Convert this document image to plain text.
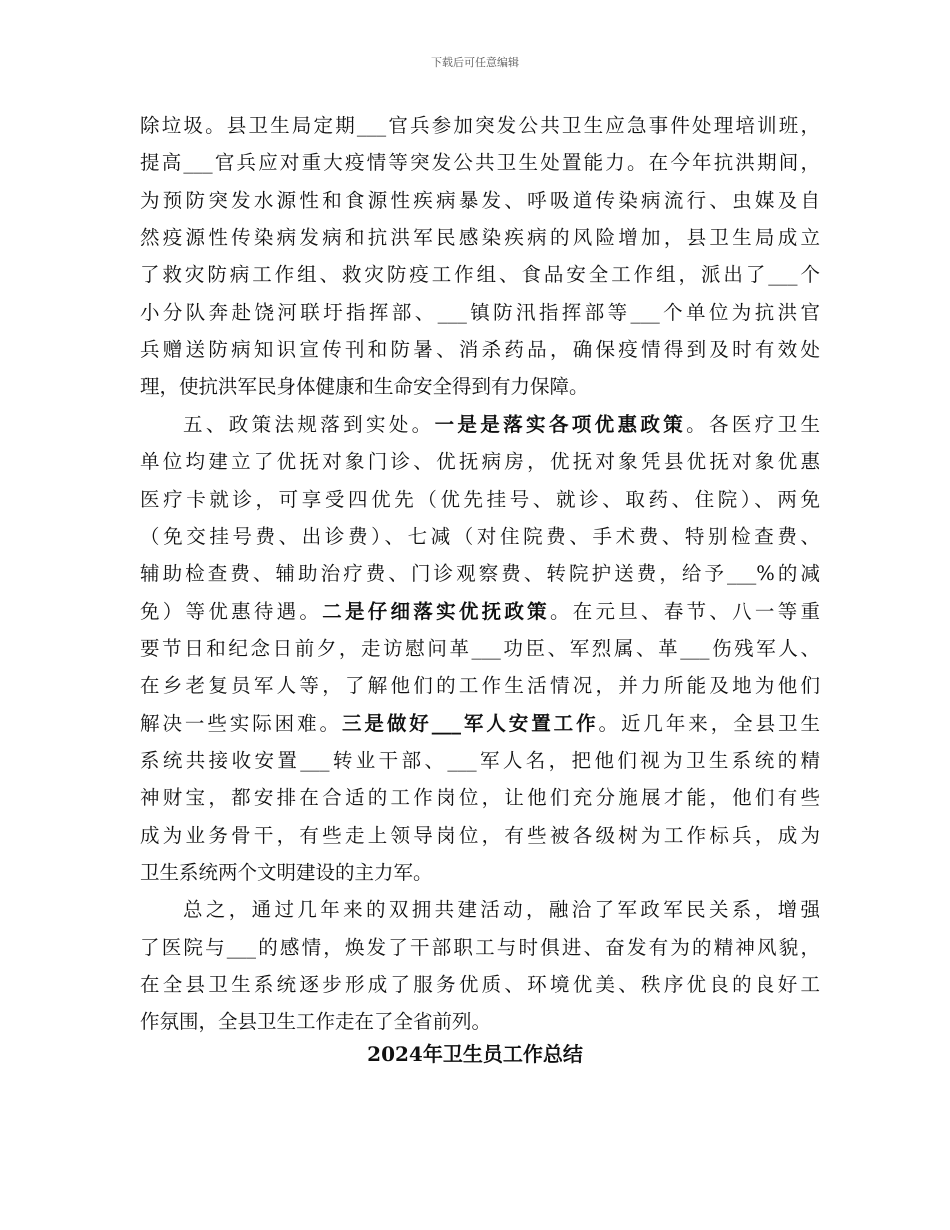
下载后可任意编辑
除垃圾。县卫生局定期___官兵参加突发公共卫生应急事件处理培训班，
提高___官兵应对重大疫情等突发公共卫生处置能力。在今年抗洪期间，
为预防突发水源性和食源性疾病暴发、呼吸道传染病流行、虫媒及自
然疫源性传染病发病和抗洪军民感染疾病的风险增加，县卫生局成立
了救灾防病工作组、救灾防疫工作组、食品安全工作组，派出了___个
小分队奔赴饶河联圩指挥部、___镇防汛指挥部等___个单位为抗洪官
兵赠送防病知识宣传刊和防暑、消杀药品，确保疫情得到及时有效处
理，使抗洪军民身体健康和生命安全得到有力保障。
五、政策法规落到实处。一是是落实各项优惠政策。各医疗卫生
单位均建立了优抚对象门诊、优抚病房，优抚对象凭县优抚对象优惠
医疗卡就诊，可享受四优先（优先挂号、就诊、取药、住院）、两免
（免交挂号费、出诊费）、七减（对住院费、手术费、特别检查费、
辅助检查费、辅助治疗费、门诊观察费、转院护送费，给予___%的减
免）等优惠待遇。二是仔细落实优抚政策。在元旦、春节、八一等重
要节日和纪念日前夕，走访慰问革___功臣、军烈属、革___伤残军人、
在乡老复员军人等，了解他们的工作生活情况，并力所能及地为他们
解决一些实际困难。三是做好___军人安置工作。近几年来，全县卫生
系统共接收安置___转业干部、___军人名，把他们视为卫生系统的精
神财宝，都安排在合适的工作岗位，让他们充分施展才能，他们有些
成为业务骨干，有些走上领导岗位，有些被各级树为工作标兵，成为
卫生系统两个文明建设的主力军。
总之，通过几年来的双拥共建活动，融洽了军政军民关系，增强
了医院与___的感情，焕发了干部职工与时俱进、奋发有为的精神风貌，
在全县卫生系统逐步形成了服务优质、环境优美、秩序优良的良好工
作氛围，全县卫生工作走在了全省前列。
2024年卫生员工作总结
